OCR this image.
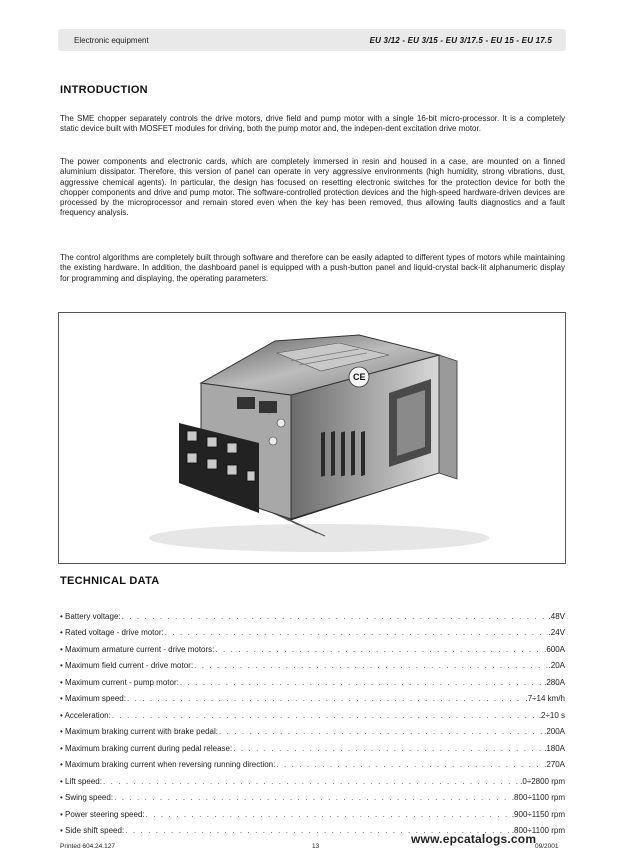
Electronic equipment	EU 3/12 - EU 3/15 - EU 3/17.5 - EU 15 - EU 17.5
INTRODUCTION

The SME chopper separately controls the drive motors, drive field and pump motor with a single 16-bit micro-processor. It is a completely static device built with MOSFET modules for driving, both the pump motor and, the indepen-dent excitation drive motor.

The power components and electronic cards, which are completely immersed in resin and housed in a case, are mounted on a finned aluminium dissipator. Therefore, this version of panel can operate in very aggressive environments (high humidity, strong vibrations, dust, aggressive chemical agents). In particular, the design has focused on resetting electronic switches for the protection device for both the chopper components and drive and pump motor. The software-controlled protection devices and the high-speed hardware-driven devices are processed by the microprocessor and remain stored even when the key has been removed, thus allowing faults diagnostics and a fault frequency analysis.

The control algorithms are completely built through software and therefore can be easily adapted to different types of motors while maintaining the existing hardware. In addition, the dashboard panel is equipped with a push-button panel and liquid-crystal back-lit alphanumeric display for programming and displaying, the operating parameters.

CE
TECHNICAL DATA
• Battery voltage: . . .	.48V
• Rated voltage - drive motor: . . .	.24V
• Maximum armature current - drive motors: . . .	.600A
• Maximum field current - drive motor: . . .	.20A
• Maximum current - pump motor: . . .	.280A
• Maximum speed: . . .	.7÷14 km/h
• Acceleration: . . .	.2÷10 s
• Maximum braking current with brake pedal: . . .	.200A
• Maximum braking current during pedal release: . . .	.180A
• Maximum braking current when reversing running direction: . . .	.270A
• Lift speed: . . .	.0÷2800 rpm
• Swing speed: . . .	.800÷1100 rpm
• Power steering speed: . . .	.900÷1150 rpm
• Side shift speed: . . .	.800÷1100 rpm
Printed 604.24.127	13	09/2001
www.epcatalogs.com
